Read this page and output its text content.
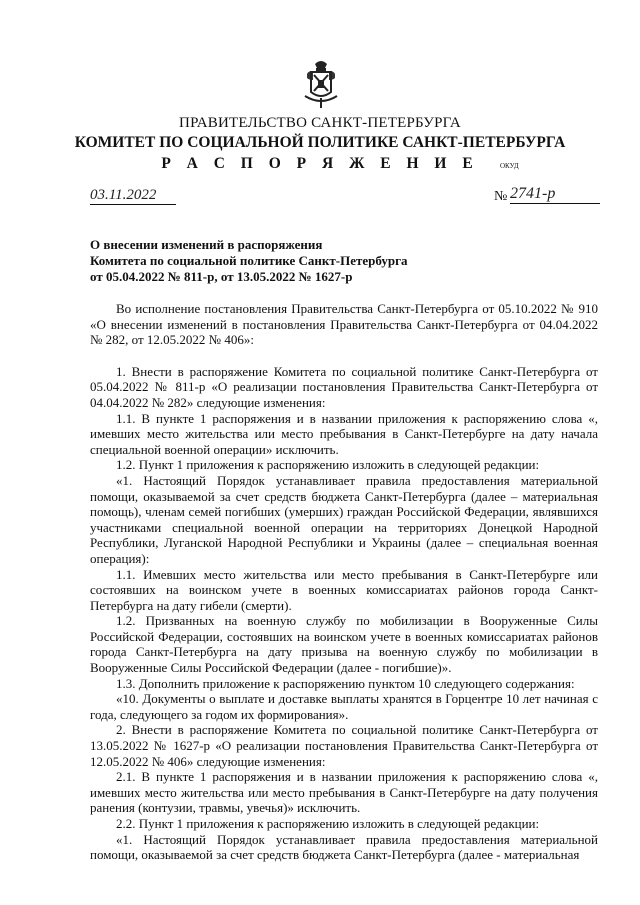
ПРАВИТЕЛЬСТВО САНКТ-ПЕТЕРБУРГА
КОМИТЕТ ПО СОЦИАЛЬНОЙ ПОЛИТИКЕ САНКТ-ПЕТЕРБУРГА
Р А С П О Р Я Ж Е Н И Е	ОКУД
03.11.2022	№ 2741-р
О внесении изменений в распоряжения
Комитета по социальной политике Санкт-Петербурга
от 05.04.2022 № 811-р, от 13.05.2022 № 1627-р

Во исполнение постановления Правительства Санкт-Петербурга от 05.10.2022 № 910 «О внесении изменений в постановления Правительства Санкт-Петербурга от 04.04.2022 № 282, от 12.05.2022 № 406»:

1. Внести в распоряжение Комитета по социальной политике Санкт-Петербурга от 05.04.2022 № 811-р «О реализации постановления Правительства Санкт-Петербурга от 04.04.2022 № 282» следующие изменения:

1.1. В пункте 1 распоряжения и в названии приложения к распоряжению слова «, имевших место жительства или место пребывания в Санкт-Петербурге на дату начала специальной военной операции» исключить.

1.2. Пункт 1 приложения к распоряжению изложить в следующей редакции:

«1. Настоящий Порядок устанавливает правила предоставления материальной помощи, оказываемой за счет средств бюджета Санкт-Петербурга (далее – материальная помощь), членам семей погибших (умерших) граждан Российской Федерации, являвшихся участниками специальной военной операции на территориях Донецкой Народной Республики, Луганской Народной Республики и Украины (далее – специальная военная операция):

1.1. Имевших место жительства или место пребывания в Санкт-Петербурге или состоявших на воинском учете в военных комиссариатах районов города Санкт-Петербурга на дату гибели (смерти).

1.2. Призванных на военную службу по мобилизации в Вооруженные Силы Российской Федерации, состоявших на воинском учете в военных комиссариатах районов города Санкт-Петербурга на дату призыва на военную службу по мобилизации в Вооруженные Силы Российской Федерации (далее - погибшие)».

1.3. Дополнить приложение к распоряжению пунктом 10 следующего содержания:

«10. Документы о выплате и доставке выплаты хранятся в Горцентре 10 лет начиная с года, следующего за годом их формирования».

2. Внести в распоряжение Комитета по социальной политике Санкт-Петербурга от 13.05.2022 № 1627-р «О реализации постановления Правительства Санкт-Петербурга от 12.05.2022 № 406» следующие изменения:

2.1. В пункте 1 распоряжения и в названии приложения к распоряжению слова «, имевших место жительства или место пребывания в Санкт-Петербурге на дату получения ранения (контузии, травмы, увечья)» исключить.

2.2. Пункт 1 приложения к распоряжению изложить в следующей редакции:

«1. Настоящий Порядок устанавливает правила предоставления материальной помощи, оказываемой за счет средств бюджета Санкт-Петербурга (далее - материальная
